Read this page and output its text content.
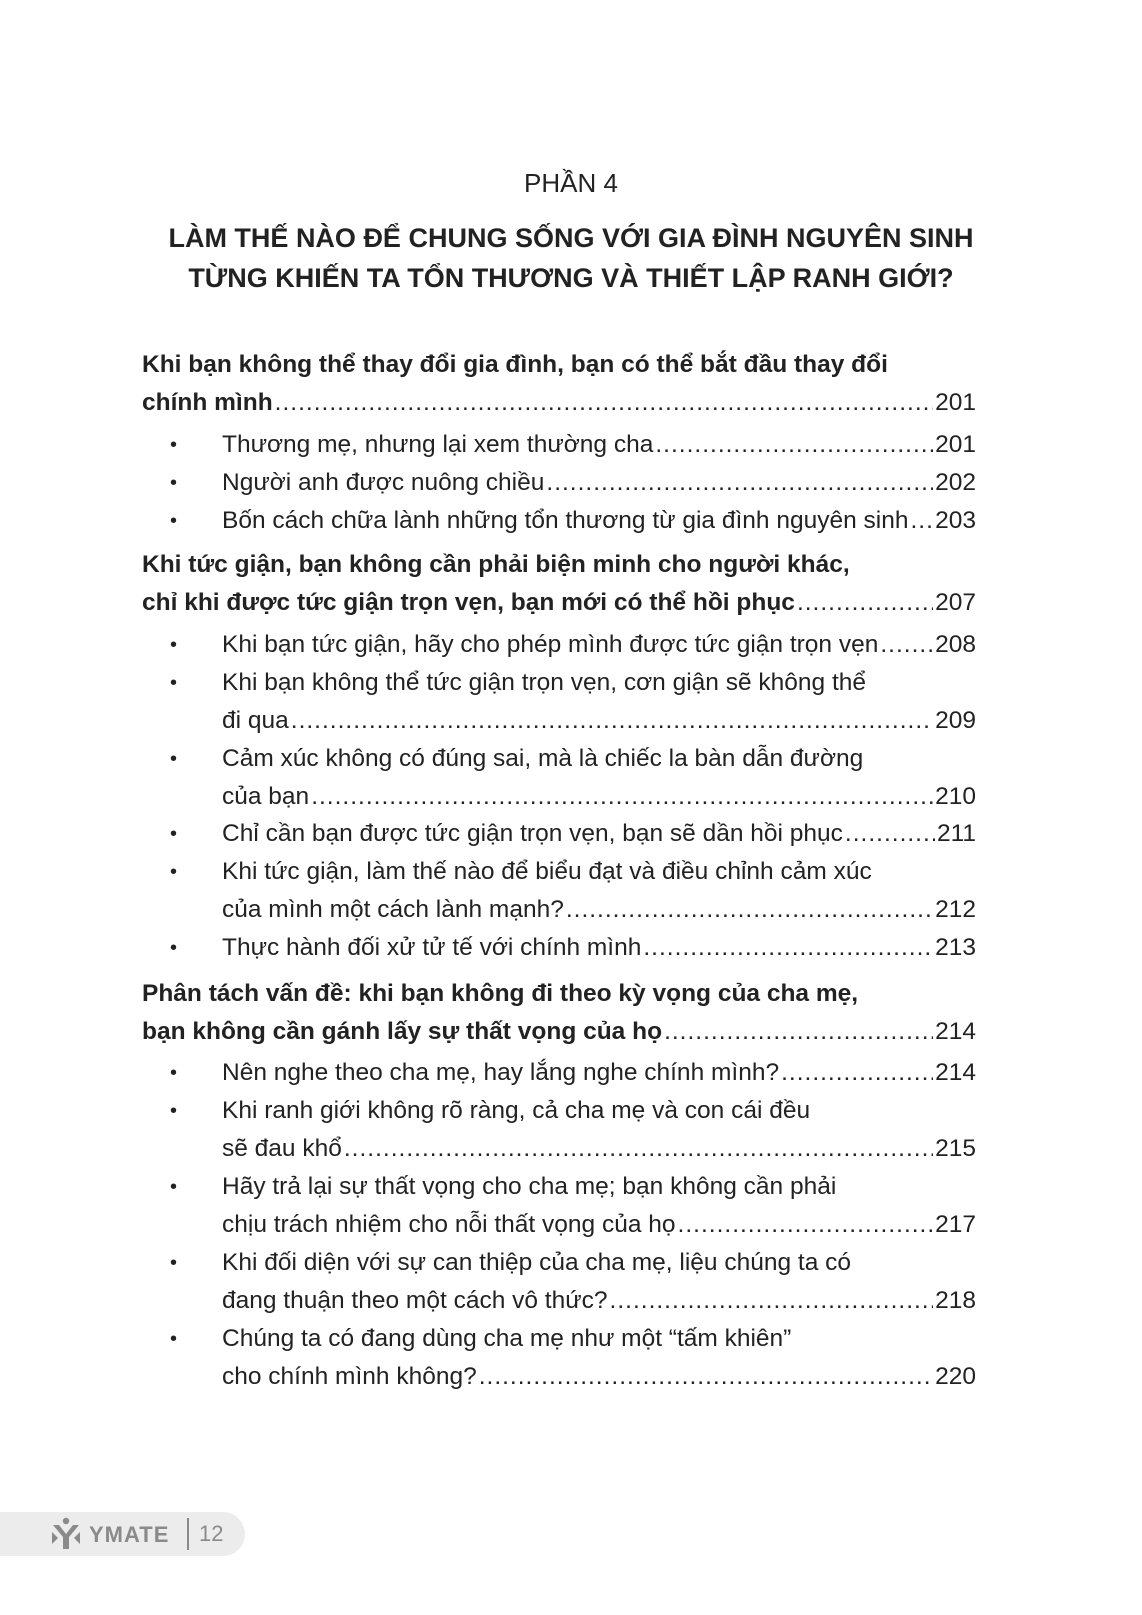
PHẦN 4
LÀM THẾ NÀO ĐỂ CHUNG SỐNG VỚI GIA ĐÌNH NGUYÊN SINH
TỪNG KHIẾN TA TỔN THƯƠNG VÀ THIẾT LẬP RANH GIỚI?
Khi bạn không thể thay đổi gia đình, bạn có thể bắt đầu thay đổi
chính mình .....	201
• Thương mẹ, nhưng lại xem thường cha .....	201
• Người anh được nuông chiều .....	202
• Bốn cách chữa lành những tổn thương từ gia đình nguyên sinh ..... 203
Khi tức giận, bạn không cần phải biện minh cho người khác,
chỉ khi được tức giận trọn vẹn, bạn mới có thể hồi phục .....	207
• Khi bạn tức giận, hãy cho phép mình được tức giận trọn vẹn ..... 208
• Khi bạn không thể tức giận trọn vẹn, cơn giận sẽ không thể
đi qua .....	209
• Cảm xúc không có đúng sai, mà là chiếc la bàn dẫn đường
của bạn .....	210
• Chỉ cần bạn được tức giận trọn vẹn, bạn sẽ dần hồi phục .....	211
• Khi tức giận, làm thế nào để biểu đạt và điều chỉnh cảm xúc
của mình một cách lành mạnh? .....	212
• Thực hành đối xử tử tế với chính mình .....	213
Phân tách vấn đề: khi bạn không đi theo kỳ vọng của cha mẹ,
bạn không cần gánh lấy sự thất vọng của họ .....	214
• Nên nghe theo cha mẹ, hay lắng nghe chính mình? .....	214
• Khi ranh giới không rõ ràng, cả cha mẹ và con cái đều
sẽ đau khổ .....	215
• Hãy trả lại sự thất vọng cho cha mẹ; bạn không cần phải
chịu trách nhiệm cho nỗi thất vọng của họ .....	217
• Khi đối diện với sự can thiệp của cha mẹ, liệu chúng ta có
đang thuận theo một cách vô thức? .....	218
• Chúng ta có đang dùng cha mẹ như một “tấm khiên”
cho chính mình không? .....	220
YMATE 12
